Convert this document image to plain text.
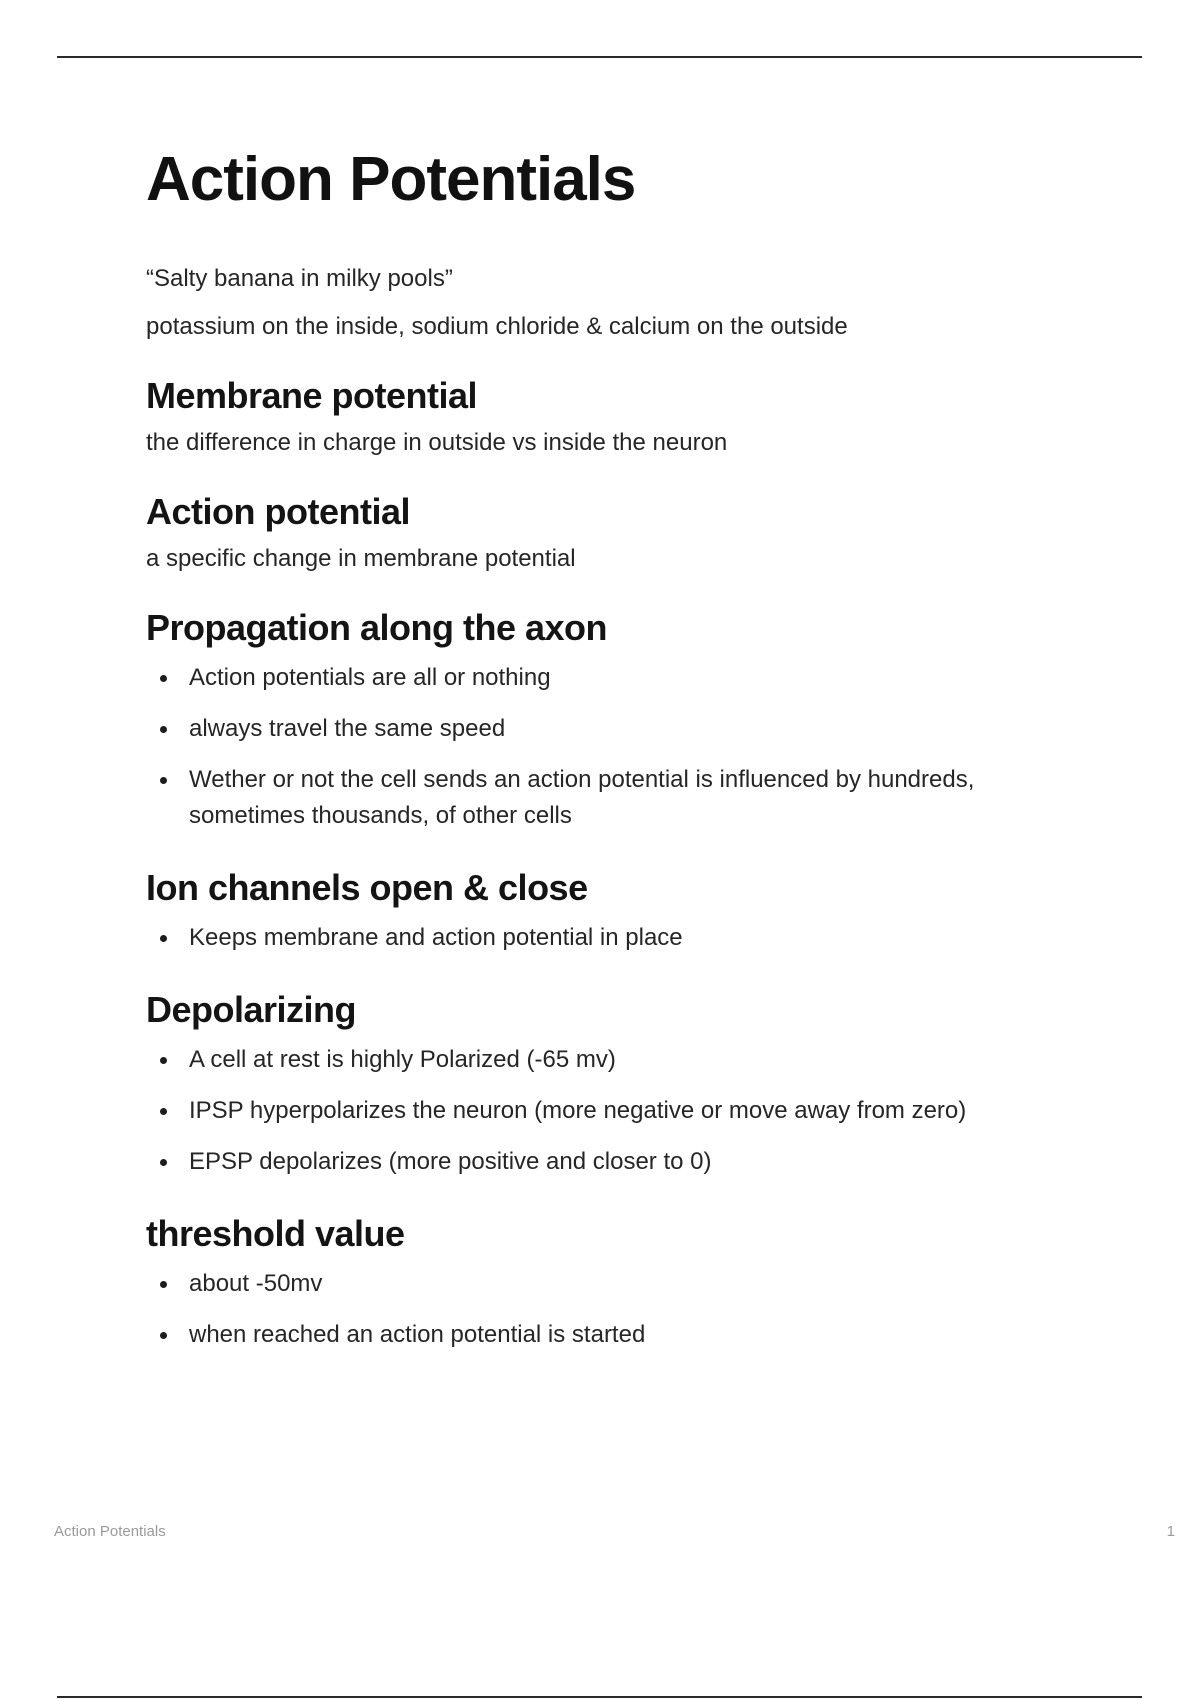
Action Potentials

“Salty banana in milky pools”

potassium on the inside, sodium chloride & calcium on the outside

Membrane potential

the difference in charge in outside vs inside the neuron

Action potential

a specific change in membrane potential

Propagation along the axon
Action potentials are all or nothing
always travel the same speed
Wether or not the cell sends an action potential is influenced by hundreds, sometimes thousands, of other cells
Ion channels open & close
Keeps membrane and action potential in place
Depolarizing
A cell at rest is highly Polarized (-65 mv)
IPSP hyperpolarizes the neuron (more negative or move away from zero)
EPSP depolarizes (more positive and closer to 0)
threshold value
about -50mv
when reached an action potential is started
Action Potentials	1
